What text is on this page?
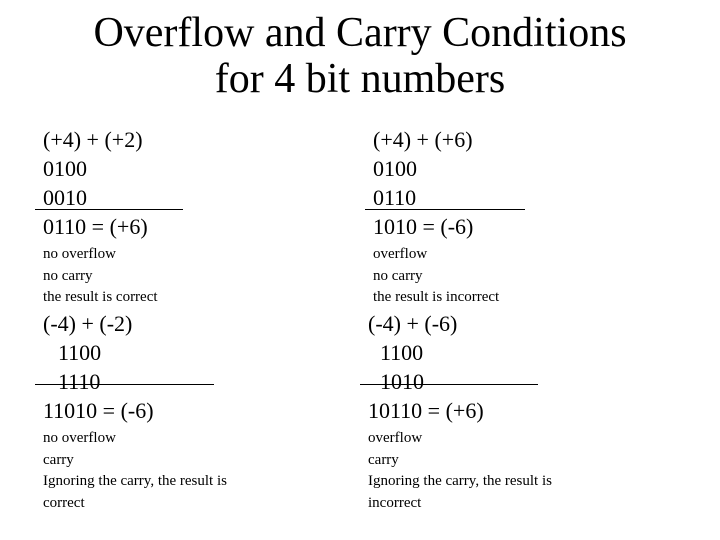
Overflow and Carry Conditions
for 4 bit numbers
(+4) + (+2)
0100
0010
0110 = (+6)
no overflow
no carry
the result is correct
(+4) + (+6)
0100
0110
1010 = (-6)
overflow
no carry
the result is incorrect
(-4) + (-2)
1100
1110
11010 = (-6)
no overflow
carry
Ignoring the carry, the result is
correct
(-4) + (-6)
1100
1010
10110 = (+6)
overflow
carry
Ignoring the carry, the result is
incorrect
